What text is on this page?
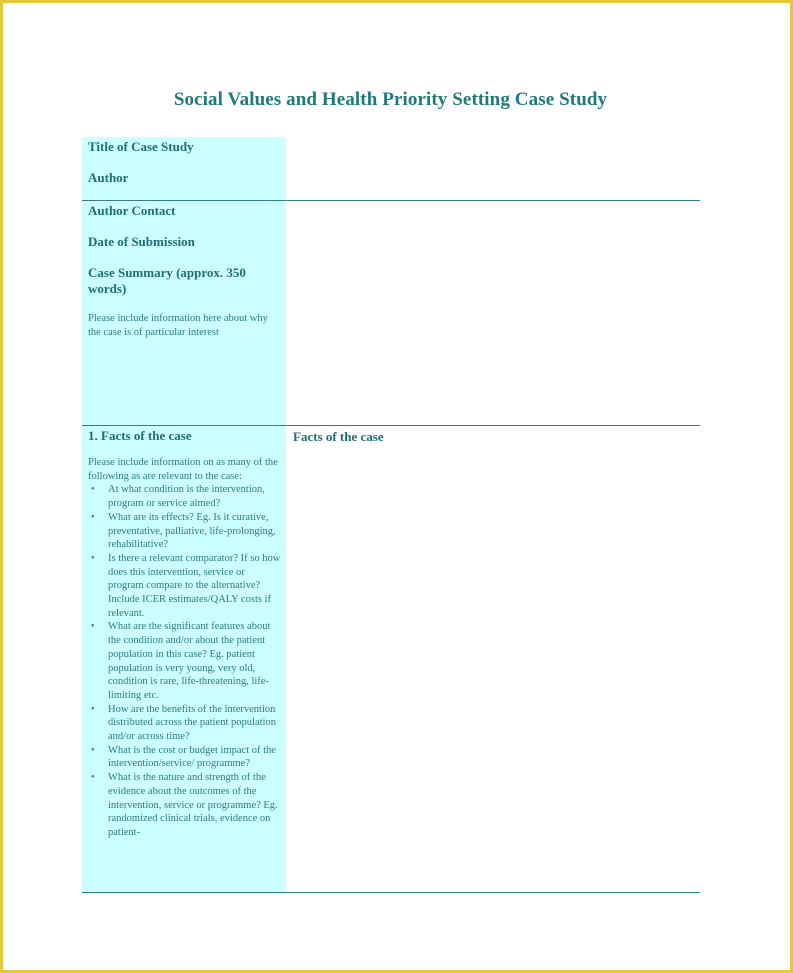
Social Values and Health Priority Setting Case Study
Title of Case Study
Author
Author Contact
Date of Submission
Case Summary (approx. 350 words)
Please include information here about why the case is of particular interest
1. Facts of the case
Please include information on as many of the following as are relevant to the case:
• At what condition is the intervention, program or service aimed?
• What are its effects? Eg. Is it curative, preventative, palliative, life-prolonging, rehabilitative?
• Is there a relevant comparator? If so how does this intervention, service or program compare to the alternative? Include ICER estimates/QALY costs if relevant.
• What are the significant features about the condition and/or about the patient population in this case? Eg. patient population is very young, very old, condition is rare, life-threatening, life-limiting etc.
• How are the benefits of the intervention distributed across the patient population and/or across time?
• What is the cost or budget impact of the intervention/service/ programme?
• What is the nature and strength of the evidence about the outcomes of the intervention, service or programme? Eg. randomized clinical trials, evidence on patient-
Facts of the case
